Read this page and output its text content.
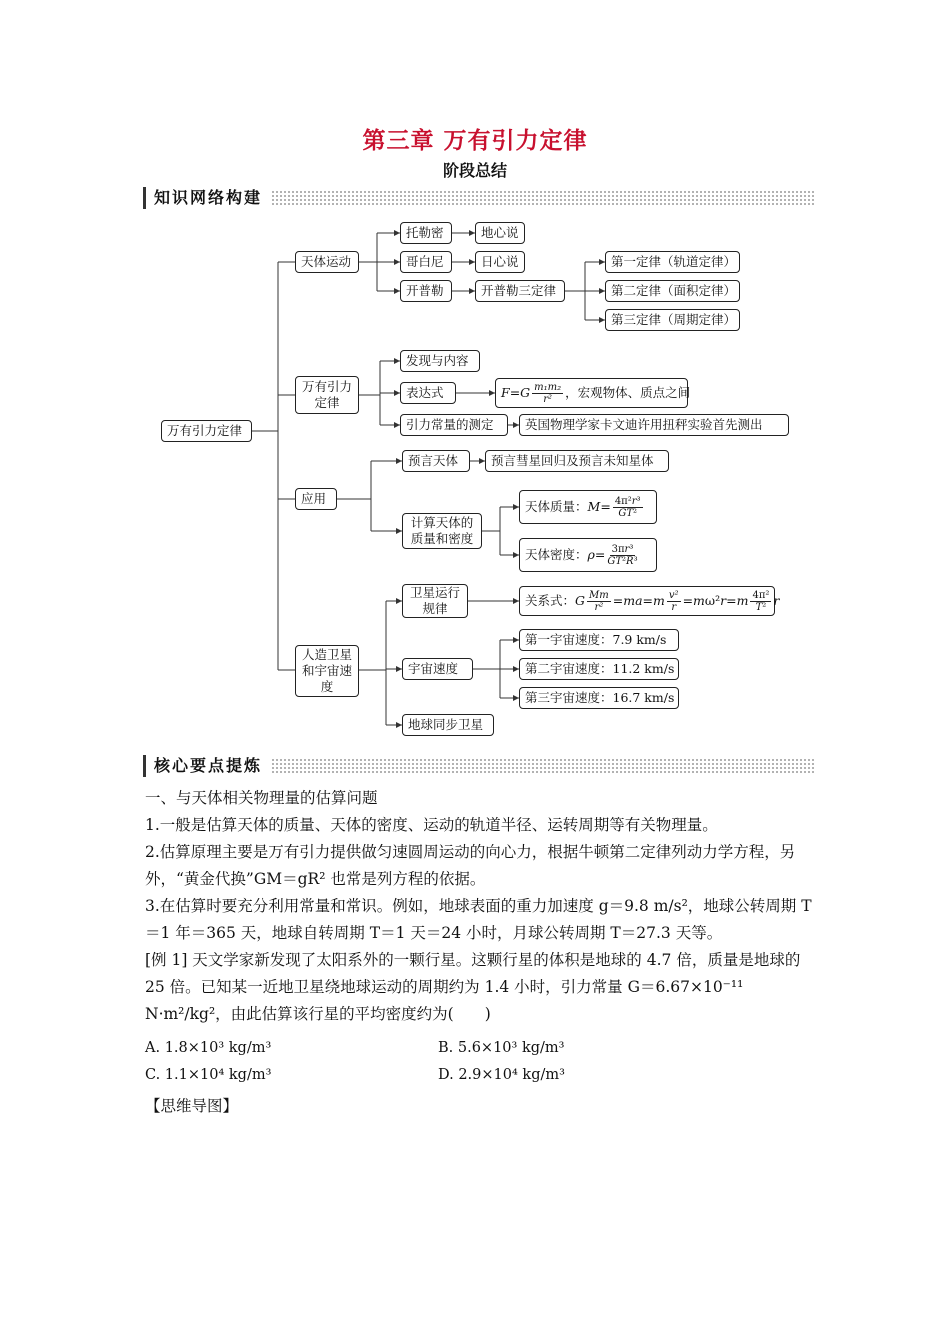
第三章 万有引力定律
阶段总结
知识网络构建
万有引力定律
天体运动
托勒密	地心说
哥白尼	日心说
开普勒	开普勒三定律
第一定律（轨道定律）
第二定律（面积定律）
第三定律（周期定律）
万有引力定律
发现与内容
表达式	F = G $\frac{\text{m₁m₂}}{\text{r²}}$ ，宏观物体、质点之间
引力常量的测定	英国物理学家卡文迪许用扭秤实验首先测出
应用
预言天体	预言彗星回归及预言未知星体
计算天体的质量和密度
天体质量： $M = \frac{\text{4π²r³}}{\text{GT²}}$
天体密度： $\rho = \frac{\text{3πr³}}{\text{GT²R³}}$
人造卫星和宇宙速度
卫星运行规律
关系式： G $\frac{Mm}{\text{r²}}$ = ma = m $\frac{\text{v²}}{r} = m$ ω² r = m $\frac{\text{4π²}}{\text{T²}}$ r
宇宙速度
第一宇宙速度：7.9 km/s
第二宇宙速度：11.2 km/s
第三宇宙速度：16.7 km/s
地球同步卫星
核心要点提炼

一、与天体相关物理量的估算问题

1.一般是估算天体的质量、天体的密度、运动的轨道半径、运转周期等有关物理量。

2.估算原理主要是万有引力提供做匀速圆周运动的向心力，根据牛顿第二定律列动力学方程，另外，“黄金代换”GM＝gR² 也常是列方程的依据。

3.在估算时要充分利用常量和常识。例如，地球表面的重力加速度 g＝9.8 m/s²，地球公转周期 T＝1 年＝365 天，地球自转周期 T＝1 天＝24 小时，月球公转周期 T＝27.3 天等。

[例 1] 天文学家新发现了太阳系外的一颗行星。这颗行星的体积是地球的 4.7 倍，质量是地球的 25 倍。已知某一近地卫星绕地球运动的周期约为 1.4 小时，引力常量 G＝6.67×10⁻¹¹ N·m²/kg²，由此估算该行星的平均密度约为(　　)

A. 1.8×10³ kg/m³	B. 5.6×10³ kg/m³
C. 1.1×10⁴ kg/m³	D. 2.9×10⁴ kg/m³
【思维导图】
